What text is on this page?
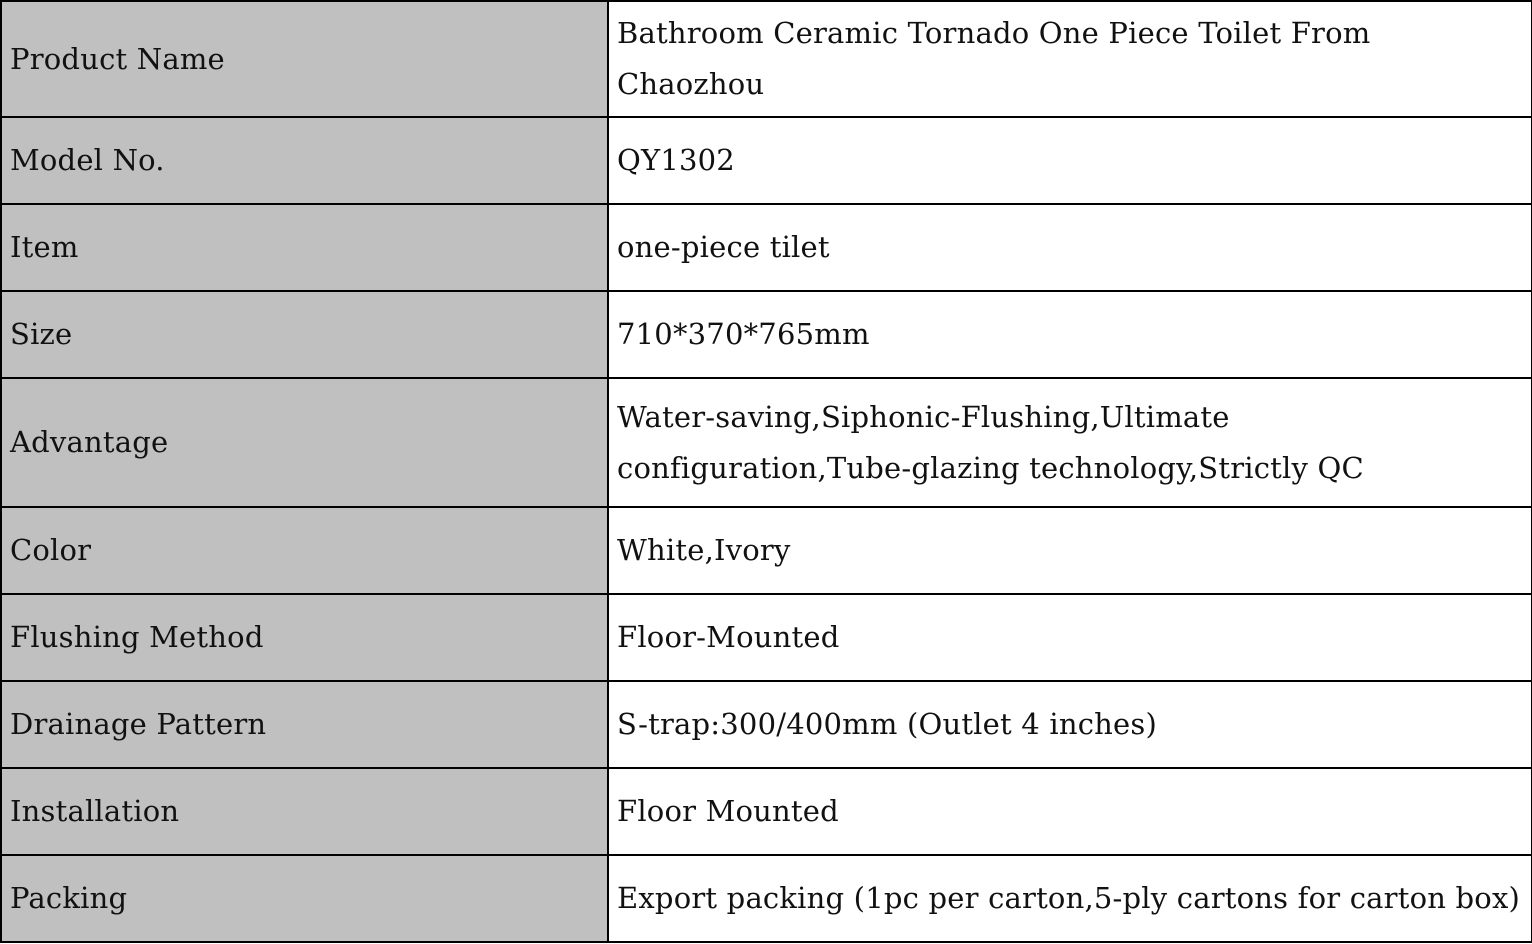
Product Name	Bathroom Ceramic Tornado One Piece Toilet From Chaozhou
Model No.	QY1302
Item	one-piece tilet
Size	710*370*765mm
Advantage	Water-saving,Siphonic-Flushing,Ultimate configuration,Tube-glazing technology,Strictly QC
Color	White,Ivory
Flushing Method	Floor-Mounted
Drainage Pattern	S-trap:300/400mm (Outlet 4 inches)
Installation	Floor Mounted
Packing	Export packing (1pc per carton,5-ply cartons for carton box)
